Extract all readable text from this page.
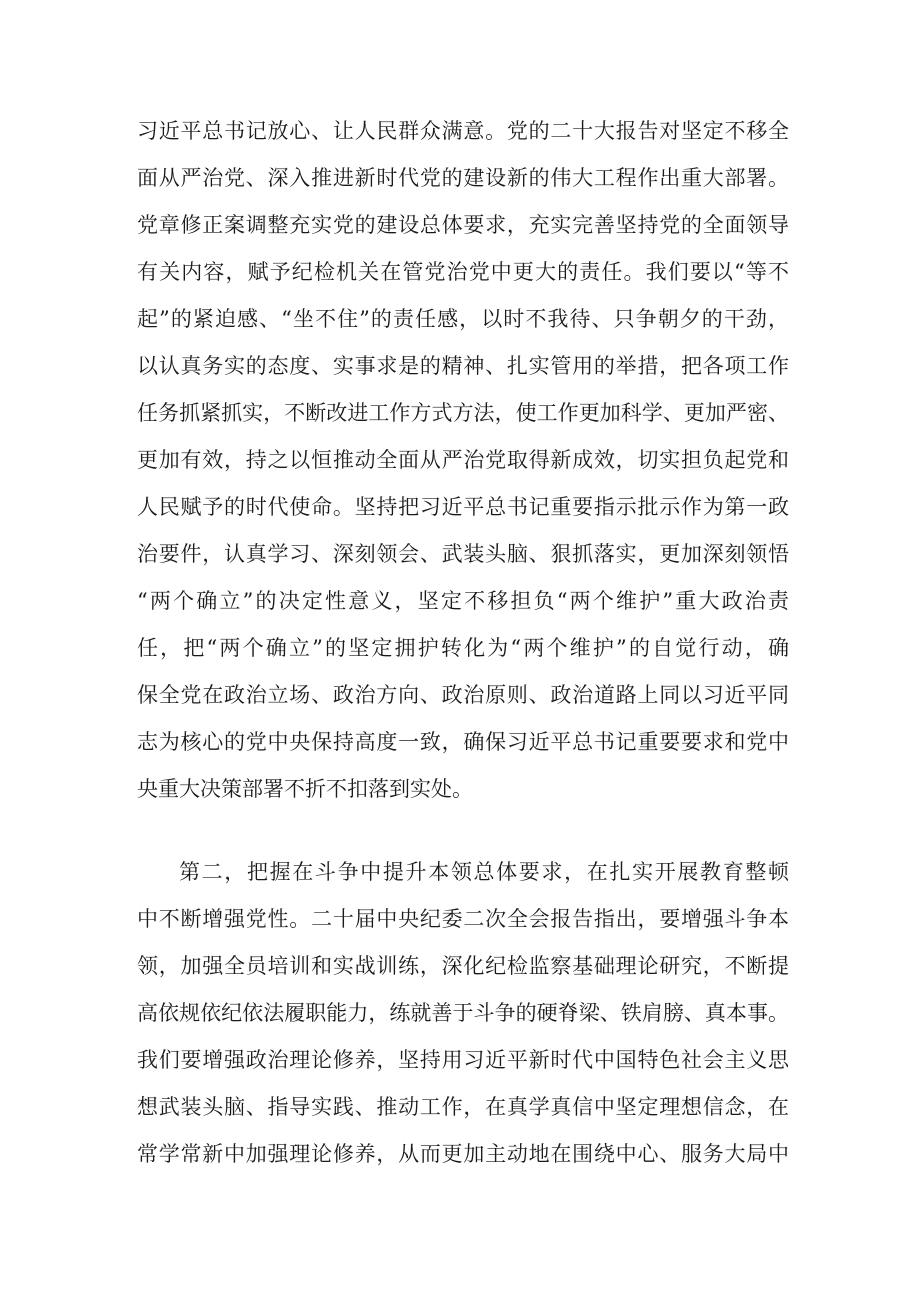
习近平总书记放心、让人民群众满意。党的二十大报告对坚定不移全
面从严治党、深入推进新时代党的建设新的伟大工程作出重大部署。
党章修正案调整充实党的建设总体要求，充实完善坚持党的全面领导
有关内容，赋予纪检机关在管党治党中更大的责任。我们要以“等不
起”的紧迫感、“坐不住”的责任感，以时不我待、只争朝夕的干劲，
以认真务实的态度、实事求是的精神、扎实管用的举措，把各项工作
任务抓紧抓实，不断改进工作方式方法，使工作更加科学、更加严密、
更加有效，持之以恒推动全面从严治党取得新成效，切实担负起党和
人民赋予的时代使命。坚持把习近平总书记重要指示批示作为第一政
治要件，认真学习、深刻领会、武装头脑、狠抓落实，更加深刻领悟
“两个确立”的决定性意义，坚定不移担负“两个维护”重大政治责
任，把“两个确立”的坚定拥护转化为“两个维护”的自觉行动，确
保全党在政治立场、政治方向、政治原则、政治道路上同以习近平同
志为核心的党中央保持高度一致，确保习近平总书记重要要求和党中
央重大决策部署不折不扣落到实处。
第二，把握在斗争中提升本领总体要求，在扎实开展教育整顿
中不断增强党性。二十届中央纪委二次全会报告指出，要增强斗争本
领，加强全员培训和实战训练，深化纪检监察基础理论研究，不断提
高依规依纪依法履职能力，练就善于斗争的硬脊梁、铁肩膀、真本事。
我们要增强政治理论修养，坚持用习近平新时代中国特色社会主义思
想武装头脑、指导实践、推动工作，在真学真信中坚定理想信念，在
常学常新中加强理论修养，从而更加主动地在围绕中心、服务大局中
